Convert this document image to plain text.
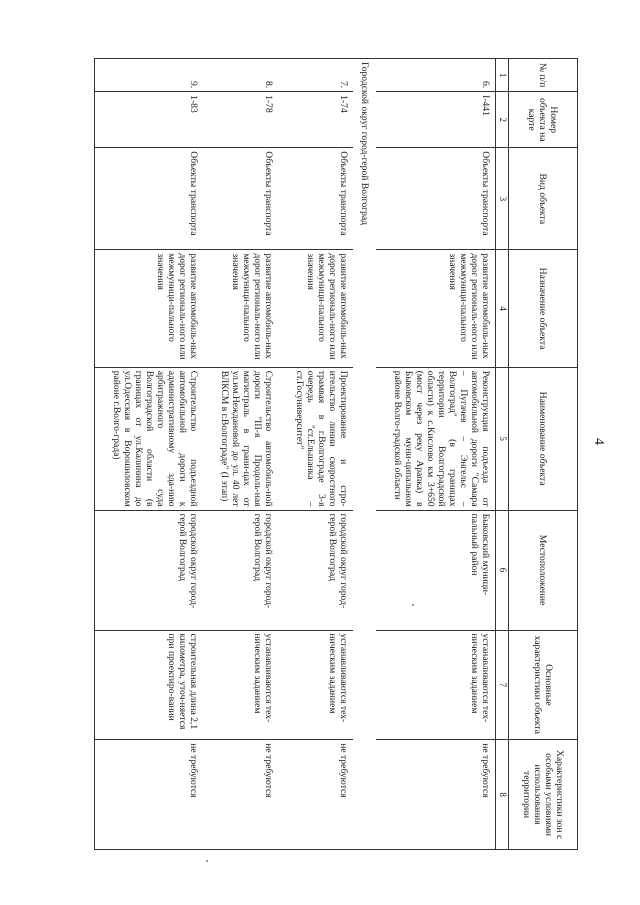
4
№ п/п	Номер объекта на карте	Вид объекта	Назначение объекта	Наименование объекта	Местоположение	Основные характеристики объекта	Характеристики зон с особыми условиями использования территории
1	2	3	4	5	6	7	8
6.	I-441	Объекты транспорта	развитие автомобиль-ных дорог региональ-ного или межмуници-пального значения	Реконструкция подъезда от автомобильной дороги "Самара – Пугачев – Энгельс – Волгоград" (в границах территории Волгоградской области) к с.Кислово км 3+650 (мост через реку Арапка) в Быковском муни-ципальном районе Волго-градской области	Быковский муници-пальный район	устанавливаются тех-ническим заданием	не требуются
Городской округ город-герой Волгоград							
7.	1-74	Объекты транспорта	развитие автомобиль-ных дорог региональ-ного или межмуници-пального значения	Проектирование и стро-ительство линии скоростного трамвая в г.Волгограде 3-я очередь "ст.Ельшанка – ст.Госуниверситет"	городской округ город-герой Волгоград	устанавливаются тех-ническим заданием	не требуются
8.	1-78	Объекты транспорта	развитие автомобиль-ных дорог региональ-ного или межмуници-пального значения	Строительство автомобиль-ной дороги "III-я Продоль-ная магистраль в грани-цах от ул.им.Неждановой до ул. 40 лет ВЛКСМ в г.Волгограде" (I этап)	городской округ город-герой Волгоград	устанавливаются тех-ническим заданием	не требуются
9.	1-83	Объекты транспорта	развитие автомобиль-ных дорог региональ-ного или межмуници-пального значения	Строительство подъездной автомобильной дороги к административному зда-нию арбитражного суда Волгоградской области (в границах от ул.Калинина до ул.Одесская в Ворошиловском районе г.Волго-града)	городской округ город-герой Волгоград	строительная длина 2,1 километра, уточ-няется при проектиро-вании	не требуются
